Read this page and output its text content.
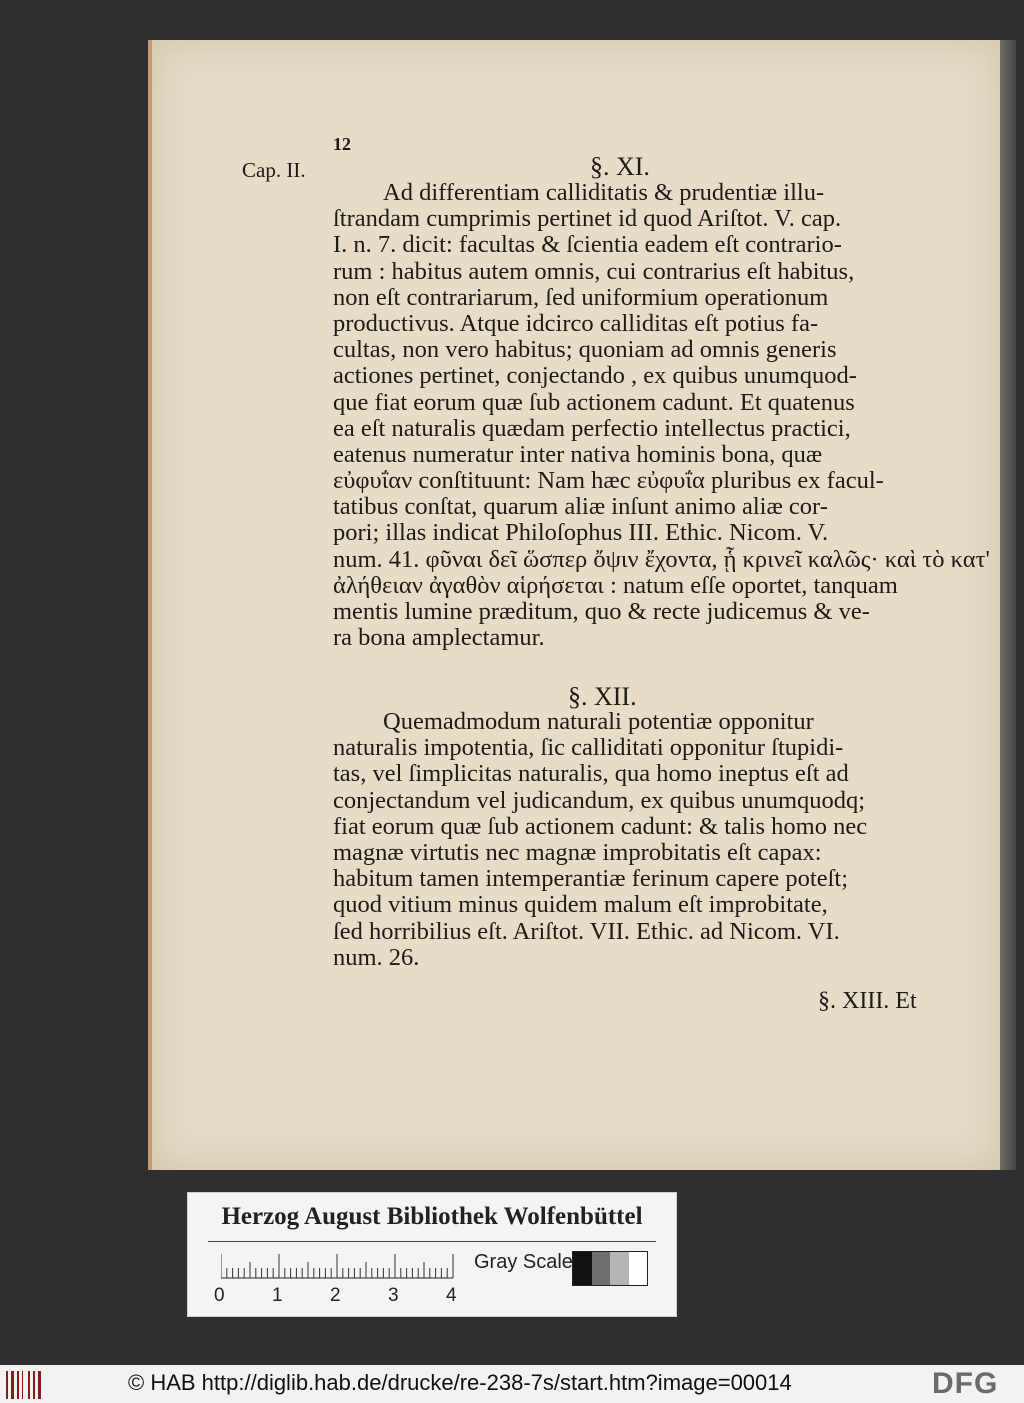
12
Cap. II.	§. XI.
Ad differentiam calliditatis & prudentiæ illu-
ſtrandam cumprimis pertinet id quod Ariſtot. V. cap.
I. n. 7. dicit: facultas & ſcientia eadem eſt contrario-
rum : habitus autem omnis, cui contrarius eſt habitus,
non eſt contrariarum, ſed uniformium operationum
productivus. Atque idcirco calliditas eſt potius fa-
cultas, non vero habitus; quoniam ad omnis generis
actiones pertinet, conjectando , ex quibus unumquod-
que fiat eorum quæ ſub actionem cadunt. Et quatenus
ea eſt naturalis quædam perfectio intellectus practici,
eatenus numeratur inter nativa hominis bona, quæ
εὐφυΐαν conſtituunt: Nam hæc εὐφυΐα pluribus ex facul-
tatibus conſtat, quarum aliæ inſunt animo aliæ cor-
pori; illas indicat Philoſophus III. Ethic. Nicom. V.
num. 41. φῦναι δεῖ ὥσπερ ὄψιν ἔχοντα, ᾗ κρινεῖ καλῶς· καὶ τὸ κατ'
ἀλήθειαν ἀγαθὸν αἱρήσεται : natum eſſe oportet, tanquam
mentis lumine præditum, quo & recte judicemus & ve-
ra bona amplectamur.
§. XII.
Quemadmodum naturali potentiæ opponitur
naturalis impotentia, ſic calliditati opponitur ſtupidi-
tas, vel ſimplicitas naturalis, qua homo ineptus eſt ad
conjectandum vel judicandum, ex quibus unumquodq;
fiat eorum quæ ſub actionem cadunt: & talis homo nec
magnæ virtutis nec magnæ improbitatis eſt capax:
habitum tamen intemperantiæ ferinum capere poteſt;
quod vitium minus quidem malum eſt improbitate,
ſed horribilius eſt. Ariſtot. VII. Ethic. ad Nicom. VI.
num. 26.
§. XIII. Et
Herzog August Bibliothek Wolfenbüttel
0 1 2 3 4
Gray Scale
© HAB http://diglib.hab.de/drucke/re-238-7s/start.htm?image=00014	DFG
